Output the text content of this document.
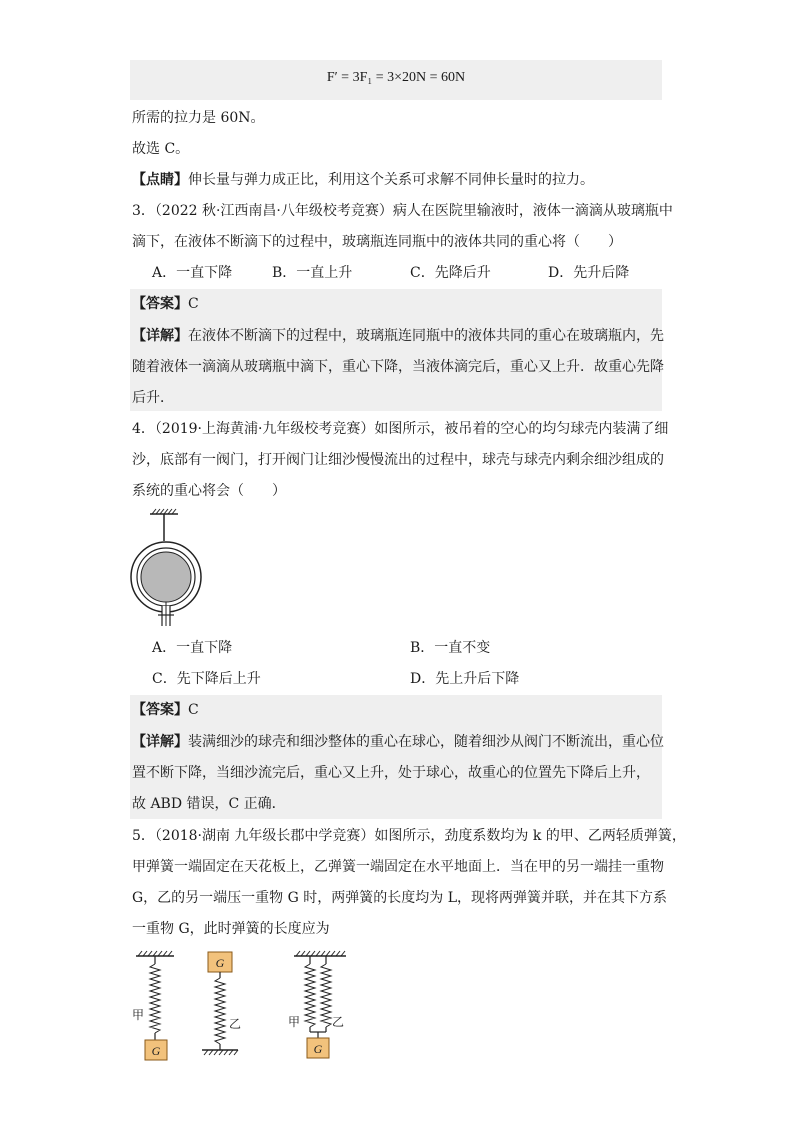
F′ = 3F₁ = 3×20N = 60N
所需的拉力是 60N。
故选 C。
【点睛】伸长量与弹力成正比，利用这个关系可求解不同伸长量时的拉力。
3．（2022 秋·江西南昌·八年级校考竞赛）病人在医院里输液时，液体一滴滴从玻璃瓶中
滴下，在液体不断滴下的过程中，玻璃瓶连同瓶中的液体共同的重心将（　　）
A．一直下降	B．一直上升	C．先降后升	D．先升后降
【答案】C
【详解】在液体不断滴下的过程中，玻璃瓶连同瓶中的液体共同的重心在玻璃瓶内，先
随着液体一滴滴从玻璃瓶中滴下，重心下降，当液体滴完后，重心又上升．故重心先降
后升．
4．（2019·上海黄浦·九年级校考竞赛）如图所示，被吊着的空心的均匀球壳内装满了细
沙，底部有一阀门，打开阀门让细沙慢慢流出的过程中，球壳与球壳内剩余细沙组成的
系统的重心将会（　　）
A．一直下降	B．一直不变
C．先下降后上升	D．先上升后下降
【答案】C
【详解】装满细沙的球壳和细沙整体的重心在球心，随着细沙从阀门不断流出，重心位
置不断下降，当细沙流完后，重心又上升，处于球心，故重心的位置先下降后上升，
故 ABD 错误，C 正确．
5．（2018·湖南 九年级长郡中学竞赛）如图所示，劲度系数均为 k 的甲、乙两轻质弹簧，
甲弹簧一端固定在天花板上，乙弹簧一端固定在水平地面上．当在甲的另一端挂一重物
G，乙的另一端压一重物 G 时，两弹簧的长度均为 L，现将两弹簧并联，并在其下方系
一重物 G，此时弹簧的长度应为
G
甲
G
乙
G
甲	乙
